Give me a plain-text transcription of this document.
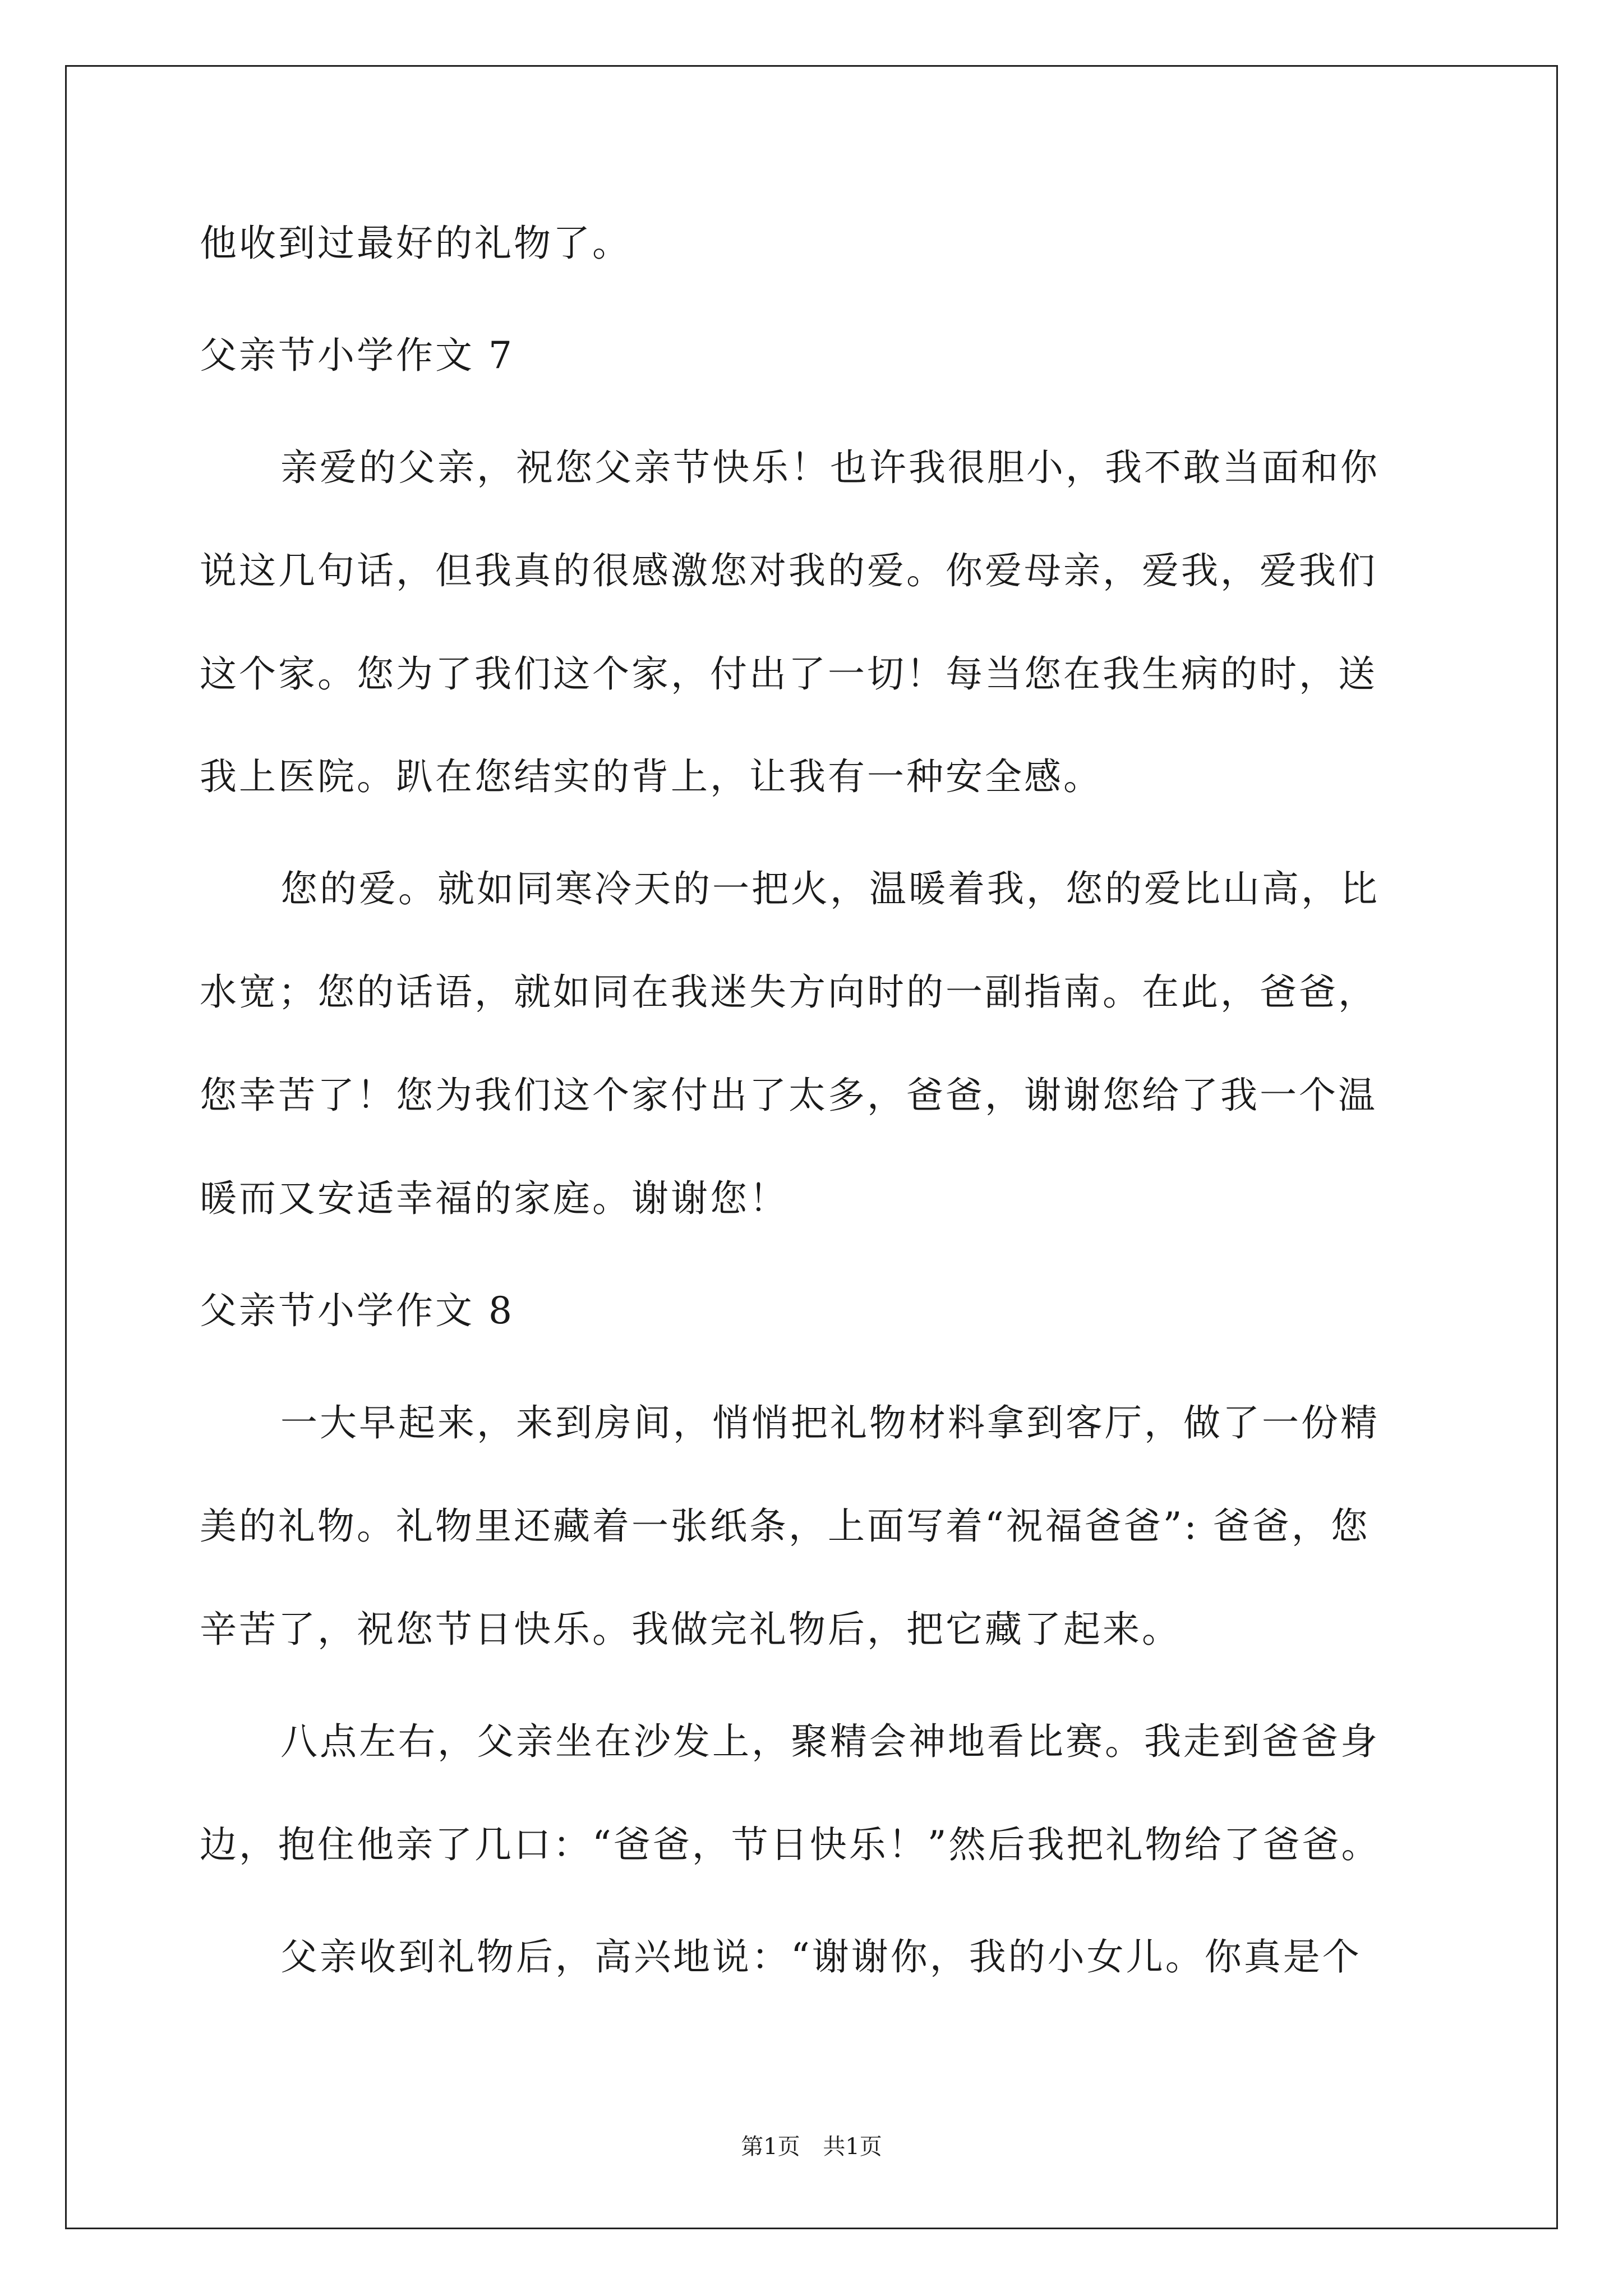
他收到过最好的礼物了。
父亲节小学作文 7
亲爱的父亲，祝您父亲节快乐！也许我很胆小，我不敢当面和你
说这几句话，但我真的很感激您对我的爱。你爱母亲，爱我，爱我们
这个家。您为了我们这个家，付出了一切！每当您在我生病的时，送
我上医院。趴在您结实的背上，让我有一种安全感。
您的爱。就如同寒冷天的一把火，温暖着我，您的爱比山高，比
水宽；您的话语，就如同在我迷失方向时的一副指南。在此，爸爸，
您幸苦了！您为我们这个家付出了太多，爸爸，谢谢您给了我一个温
暖而又安适幸福的家庭。谢谢您！
父亲节小学作文 8
一大早起来，来到房间，悄悄把礼物材料拿到客厅，做了一份精
美的礼物。礼物里还藏着一张纸条，上面写着“祝福爸爸”: 爸爸，您
辛苦了，祝您节日快乐。我做完礼物后，把它藏了起来。
八点左右，父亲坐在沙发上，聚精会神地看比赛。我走到爸爸身
边，抱住他亲了几口：“爸爸，节日快乐！”然后我把礼物给了爸爸。
父亲收到礼物后，高兴地说：“谢谢你，我的小女儿。你真是个
第1页 共1页
